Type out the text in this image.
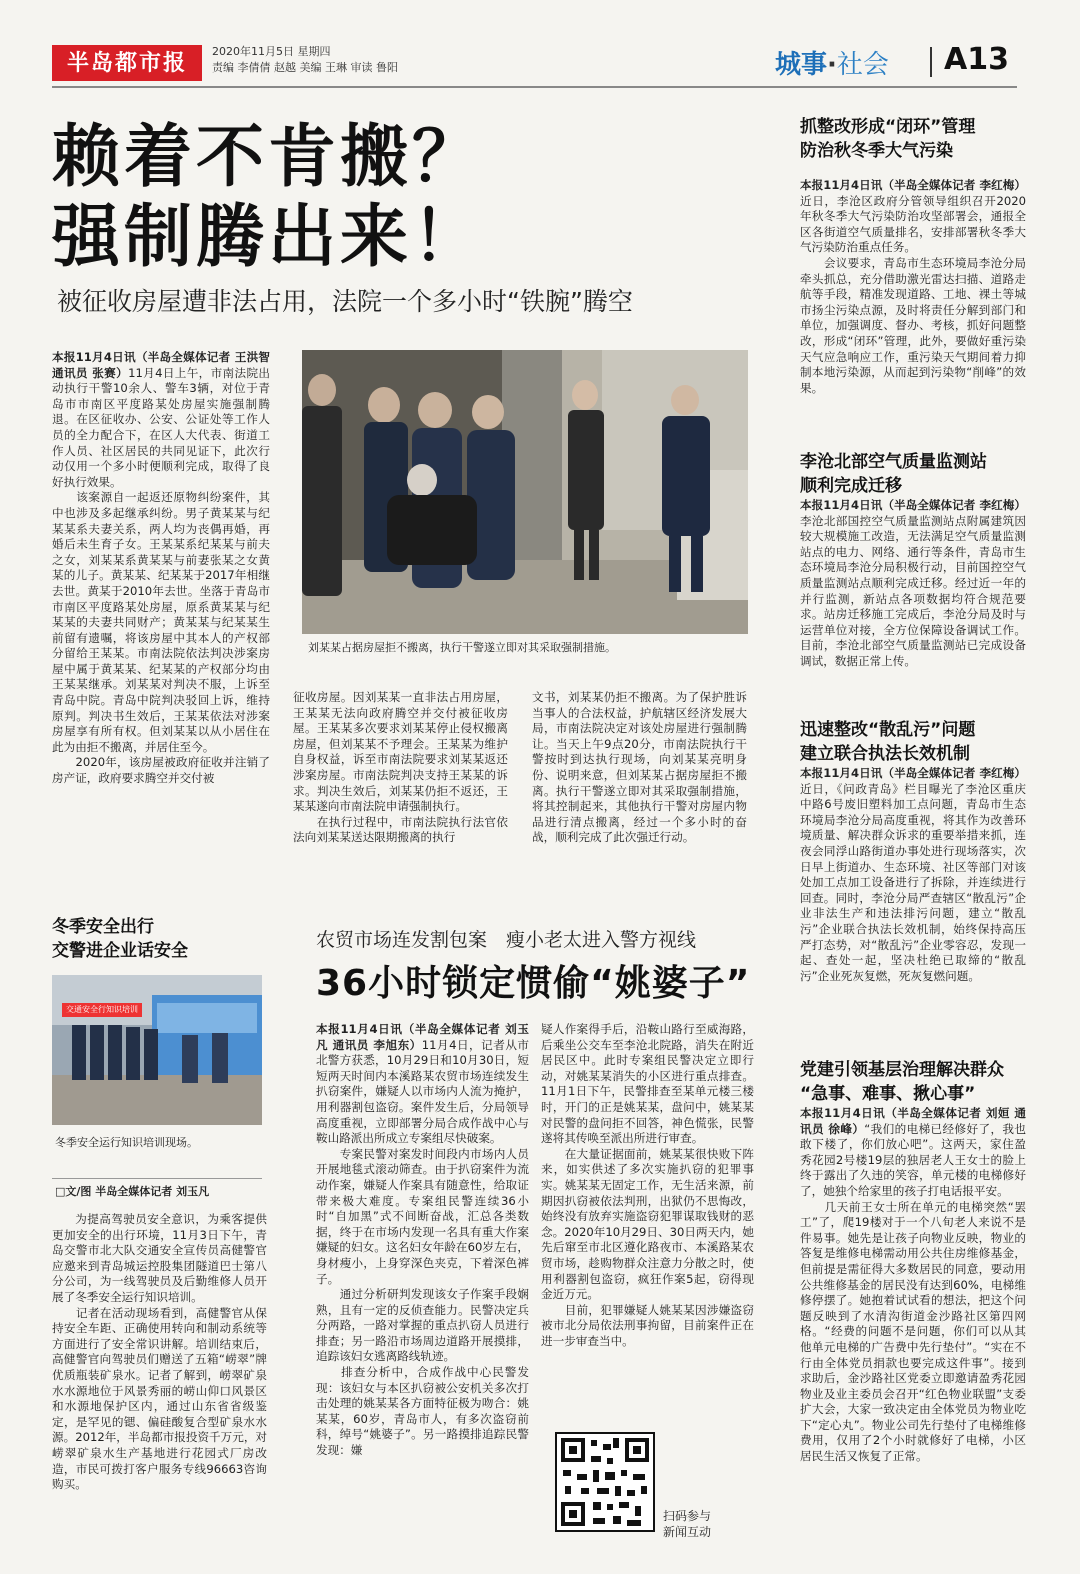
半岛都市报	2020年11月5日 星期四
责编 李倩倩 赵越 美编 王琳 审读 鲁阳	城事·社会 A13
赖着不肯搬？
强制腾出来！
被征收房屋遭非法占用，法院一个多小时“铁腕”腾空
本报11月4日讯（半岛全媒体记者 王洪智 通讯员 张赛）11月4日上午，市南法院出动执行干警10余人、警车3辆，对位于青岛市市南区平度路某处房屋实施强制腾退。在区征收办、公安、公证处等工作人员的全力配合下，在区人大代表、街道工作人员、社区居民的共同见证下，此次行动仅用一个多小时便顺利完成，取得了良好执行效果。
　　该案源自一起返还原物纠纷案件，其中也涉及多起继承纠纷。男子黄某某与纪某某系夫妻关系，两人均为丧偶再婚，再婚后未生育子女。王某某系纪某某与前夫之女，刘某某系黄某某与前妻张某之女黄某的儿子。黄某某、纪某某于2017年相继去世。黄某于2010年去世。坐落于青岛市市南区平度路某处房屋，原系黄某某与纪某某的夫妻共同财产；黄某某与纪某某生前留有遗嘱，将该房屋中其本人的产权部分留给王某某。市南法院依法判决涉案房屋中属于黄某某、纪某某的产权部分均由王某某继承。刘某某对判决不服，上诉至青岛中院。青岛中院判决驳回上诉，维持原判。判决书生效后，王某某依法对涉案房屋享有所有权。但刘某某以从小居住在此为由拒不搬离，并居住至今。
　　2020年，该房屋被政府征收并注销了房产证，政府要求腾空并交付被
刘某某占据房屋拒不搬离，执行干警遂立即对其采取强制措施。
征收房屋。因刘某某一直非法占用房屋，王某某无法向政府腾空并交付被征收房屋。王某某多次要求刘某某停止侵权搬离房屋，但刘某某不予理会。王某某为维护自身权益，诉至市南法院要求刘某某返还涉案房屋。市南法院判决支持王某某的诉求。判决生效后，刘某某仍拒不返还，王某某遂向市南法院申请强制执行。
　　在执行过程中，市南法院执行法官依法向刘某某送达限期搬离的执行
文书，刘某某仍拒不搬离。为了保护胜诉当事人的合法权益，护航辖区经济发展大局，市南法院决定对该处房屋进行强制腾让。当天上午9点20分，市南法院执行干警按时到达执行现场，向刘某某亮明身份、说明来意，但刘某某占据房屋拒不搬离。执行干警遂立即对其采取强制措施，将其控制起来，其他执行干警对房屋内物品进行清点搬离，经过一个多小时的奋战，顺利完成了此次强迁行动。
冬季安全出行
交警进企业话安全
交通安全行知识培训
冬季安全运行知识培训现场。
□文/图 半岛全媒体记者 刘玉凡
为提高驾驶员安全意识，为乘客提供更加安全的出行环境，11月3日下午，青岛交警市北大队交通安全宣传员高健警官应邀来到青岛城运控股集团隧道巴士第八分公司，为一线驾驶员及后勤维修人员开展了冬季安全运行知识培训。
　　记者在活动现场看到，高健警官从保持安全车距、正确使用转向和制动系统等方面进行了安全常识讲解。培训结束后，高健警官向驾驶员们赠送了五箱“崂翠”牌优质瓶装矿泉水。记者了解到，崂翠矿泉水水源地位于风景秀丽的崂山仰口风景区和水源地保护区内，通过山东省省级鉴定，是罕见的锶、偏硅酸复合型矿泉水水源。2012年，半岛都市报投资千万元，对崂翠矿泉水生产基地进行花园式厂房改造，市民可拨打客户服务专线96663咨询购买。
农贸市场连发割包案　瘦小老太进入警方视线
36小时锁定惯偷“姚婆子”
本报11月4日讯（半岛全媒体记者 刘玉凡 通讯员 李旭东）11月4日，记者从市北警方获悉，10月29日和10月30日，短短两天时间内本溪路某农贸市场连续发生扒窃案件，嫌疑人以市场内人流为掩护，用利器割包盗窃。案件发生后，分局领导高度重视，立即部署分局合成作战中心与鞍山路派出所成立专案组尽快破案。
　　专案民警对案发时间段内市场内人员开展地毯式滚动筛查。由于扒窃案件为流动作案，嫌疑人作案具有随意性，给取证带来极大难度。专案组民警连续36小时“自加黑”式不间断奋战，汇总各类数据，终于在市场内发现一名具有重大作案嫌疑的妇女。这名妇女年龄在60岁左右，身材瘦小，上身穿深色夹克，下着深色裤子。
　　通过分析研判发现该女子作案手段娴熟，且有一定的反侦查能力。民警决定兵分两路，一路对掌握的重点扒窃人员进行排查；另一路沿市场周边道路开展摸排，追踪该妇女逃离路线轨迹。
　　排查分析中，合成作战中心民警发现：该妇女与本区扒窃被公安机关多次打击处理的姚某某各方面特征极为吻合：姚某某，60岁，青岛市人，有多次盗窃前科，绰号“姚婆子”。另一路摸排追踪民警发现：嫌
疑人作案得手后，沿鞍山路行至威海路，后乘坐公交车至李沧北院路，消失在附近居民区中。此时专案组民警决定立即行动，对姚某某消失的小区进行重点排查。11月1日下午，民警排查至某单元楼三楼时，开门的正是姚某某，盘问中，姚某某对民警的盘问拒不回答，神色慌张，民警遂将其传唤至派出所进行审查。
　　在大量证据面前，姚某某很快败下阵来，如实供述了多次实施扒窃的犯罪事实。姚某某无固定工作，无生活来源，前期因扒窃被依法判刑，出狱仍不思悔改，始终没有放弃实施盗窃犯罪谋取钱财的恶念。2020年10月29日、30日两天内，她先后窜至市北区遵化路夜市、本溪路某农贸市场，趁购物群众注意力分散之时，使用利器割包盗窃，疯狂作案5起，窃得现金近万元。
　　目前，犯罪嫌疑人姚某某因涉嫌盗窃被市北分局依法刑事拘留，目前案件正在进一步审查当中。
扫码参与
新闻互动
抓整改形成“闭环”管理
防治秋冬季大气污染
本报11月4日讯（半岛全媒体记者 李红梅）近日，李沧区政府分管领导组织召开2020年秋冬季大气污染防治攻坚部署会，通报全区各街道空气质量排名，安排部署秋冬季大气污染防治重点任务。
　　会议要求，青岛市生态环境局李沧分局牵头抓总，充分借助激光雷达扫描、道路走航等手段，精准发现道路、工地、裸土等城市扬尘污染点源，及时将责任分解到部门和单位，加强调度、督办、考核，抓好问题整改，形成“闭环”管理，此外，要做好重污染天气应急响应工作，重污染天气期间着力抑制本地污染源，从而起到污染物“削峰”的效果。
李沧北部空气质量监测站
顺利完成迁移
本报11月4日讯（半岛全媒体记者 李红梅）李沧北部国控空气质量监测站点附属建筑因较大规模施工改造，无法满足空气质量监测站点的电力、网络、通行等条件，青岛市生态环境局李沧分局积极行动，目前国控空气质量监测站点顺利完成迁移。经过近一年的并行监测，新站点各项数据均符合规范要求。站房迁移施工完成后，李沧分局及时与运营单位对接，全方位保障设备调试工作。目前，李沧北部空气质量监测站已完成设备调试，数据正常上传。
迅速整改“散乱污”问题
建立联合执法长效机制
本报11月4日讯（半岛全媒体记者 李红梅）近日，《问政青岛》栏目曝光了李沧区重庆中路6号废旧塑料加工点问题，青岛市生态环境局李沧分局高度重视，将其作为改善环境质量、解决群众诉求的重要举措来抓，连夜会同浮山路街道办事处进行现场落实，次日早上街道办、生态环境、社区等部门对该处加工点加工设备进行了拆除，并连续进行回查。同时，李沧分局严查辖区“散乱污”企业非法生产和违法排污问题，建立“散乱污”企业联合执法长效机制，始终保持高压严打态势，对“散乱污”企业零容忍，发现一起、查处一起，坚决杜绝已取缔的“散乱污”企业死灰复燃，死灰复燃问题。
党建引领基层治理解决群众
“急事、难事、揪心事”
本报11月4日讯（半岛全媒体记者 刘姮 通讯员 徐峰）“我们的电梯已经修好了，我也敢下楼了，你们放心吧”。这两天，家住盈秀花园2号楼19层的独居老人王女士的脸上终于露出了久违的笑容，单元楼的电梯修好了，她独个给家里的孩子打电话报平安。
　　几天前王女士所在单元的电梯突然“罢工”了，爬19楼对于一个八旬老人来说不是件易事。她先是让孩子向物业反映，物业的答复是维修电梯需动用公共住房维修基金，但前提是需征得大多数居民的同意，要动用公共维修基金的居民没有达到60%，电梯维修停摆了。她抱着试试看的想法，把这个问题反映到了水清沟街道金沙路社区第四网格。“经费的问题不是问题，你们可以从其他单元电梯的广告费中先行垫付”。“实在不行由全体党员捐款也要完成这件事”。接到求助后，金沙路社区党委立即邀请盈秀花园物业及业主委员会召开“红色物业联盟”支委扩大会，大家一致决定由全体党员为物业吃下“定心丸”。物业公司先行垫付了电梯维修费用，仅用了2个小时就修好了电梯，小区居民生活又恢复了正常。
